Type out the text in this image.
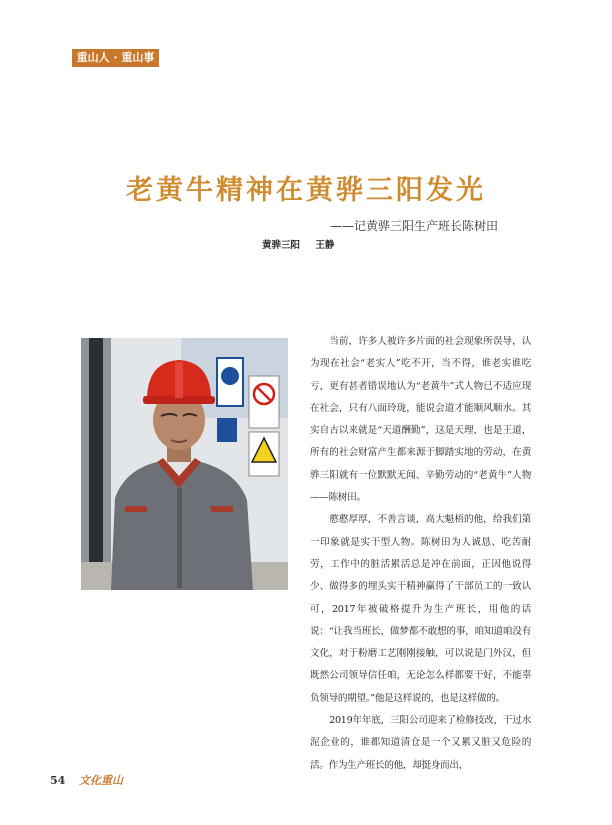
重山人 · 重山事
老黄牛精神在黄骅三阳发光
——记黄骅三阳生产班长陈树田
黄骅三阳 王静

当前，许多人被许多片面的社会现象所误导，认为现在社会“老实人”吃不开，当不得，谁老实谁吃亏，更有甚者错误地认为“老黄牛”式人物已不适应现在社会，只有八面玲珑，能说会道才能顺风顺水。其实自古以来就是“天道酬勤”，这是天理，也是王道，所有的社会财富产生都来源于脚踏实地的劳动，在黄骅三阳就有一位默默无闻、辛勤劳动的“老黄牛”人物——陈树田。

憨憨厚厚，不善言谈，高大魁梧的他，给我们第一印象就是实干型人物。陈树田为人诚恳、吃苦耐劳，工作中的脏活累活总是冲在前面，正因他说得少、做得多的埋头实干精神赢得了干部员工的一致认可，2017年被破格提升为生产班长，用他的话说：“让我当班长，做梦都不敢想的事，咱知道咱没有文化，对于粉磨工艺刚刚接触，可以说是门外汉，但既然公司领导信任咱，无论怎么样都要干好，不能辜负领导的期望。”他是这样说的，也是这样做的。

2019年年底，三阳公司迎来了检修技改，干过水泥企业的，谁都知道清仓是一个又累又脏又危险的活。作为生产班长的他，却挺身而出，

54 文化重山
